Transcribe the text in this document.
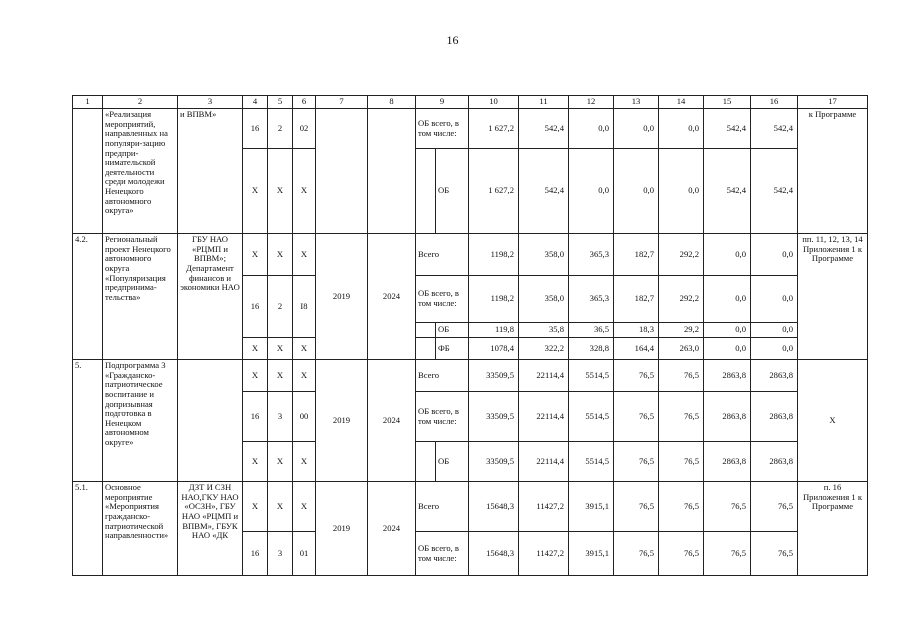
16
1	2	3	4	5	6	7	8	9		10	11	12	13	14	15	16	17
	«Реализация мероприятий, направленных на популяри-зацию предпри-нимательской деятельности среди молодежи Ненецкого автономного округа»	и ВПВМ»	16	2	02			ОБ всего, в том числе:		1 627,2	542,4	0,0	0,0	0,0	542,4	542,4	к Программе
			X	X	X				ОБ	1 627,2	542,4	0,0	0,0	0,0	542,4	542,4	
4.2.	Региональный проект Ненецкого автономного округа «Популяризация предпринима-тельства»	ГБУ НАО «РЦМП и ВПВМ»; Департамент финансов и экономики НАО	X	X	X	2019	2024	Всего		1198,2	358,0	365,3	182,7	292,2	0,0	0,0	пп. 11, 12, 13, 14 Приложения 1 к Программе
			16	2	I8			ОБ всего, в том числе:		1198,2	358,0	365,3	182,7	292,2	0,0	0,0	
									ОБ	119,8	35,8	36,5	18,3	29,2	0,0	0,0	
			X	X	X				ФБ	1078,4	322,2	328,8	164,4	263,0	0,0	0,0	
5.	Подпрограмма 3 «Гражданско-патриотическое воспитание и допризывная подготовка в Ненецком автономном округе»		X	X	X	2019	2024	Всего		33509,5	22114,4	5514,5	76,5	76,5	2863,8	2863,8	X
			16	3	00			ОБ всего, в том числе:		33509,5	22114,4	5514,5	76,5	76,5	2863,8	2863,8	
			X	X	X				ОБ	33509,5	22114,4	5514,5	76,5	76,5	2863,8	2863,8	
5.1.	Основное мероприятие «Мероприятия гражданско-патриотической направленности»	ДЗТ И СЗН НАО,ГКУ НАО «ОСЗН», ГБУ НАО «РЦМП и ВПВМ», ГБУК НАО «ДК	X	X	X	2019	2024	Всего		15648,3	11427,2	3915,1	76,5	76,5	76,5	76,5	п. 16 Приложения 1 к Программе
			16	3	01			ОБ всего, в том числе:		15648,3	11427,2	3915,1	76,5	76,5	76,5	76,5	
